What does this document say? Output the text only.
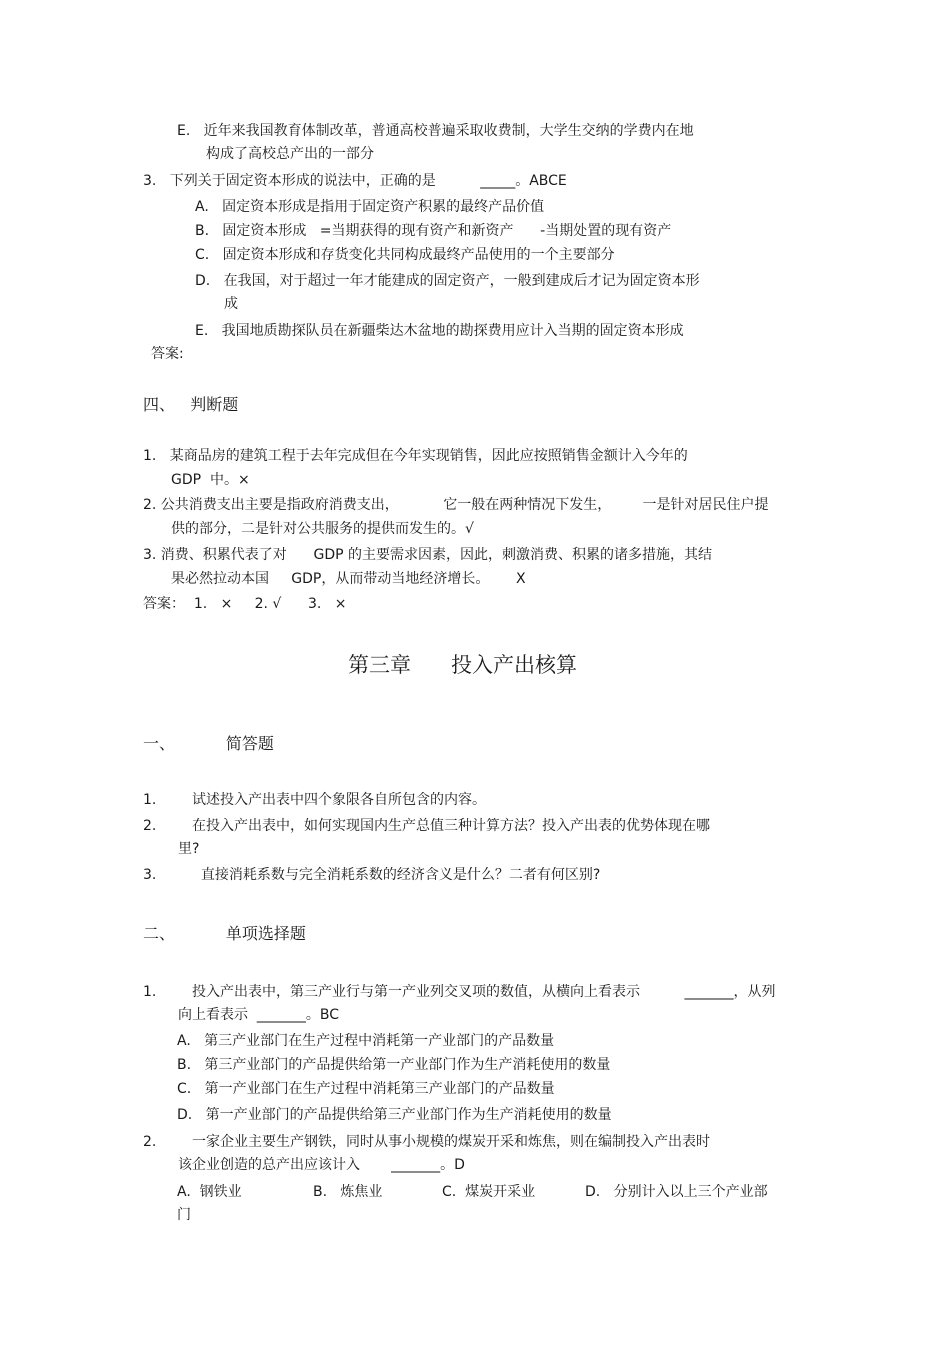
E.   近年来我国教育体制改革，普通高校普遍采取收费制，大学生交纳的学费内在地
构成了高校总产出的一部分
3.   下列关于固定资本形成的说法中，正确的是          _____。ABCE
A.   固定资本形成是指用于固定资产积累的最终产品价值
B.   固定资本形成   =当期获得的现有资产和新资产      -当期处置的现有资产
C.   固定资本形成和存货变化共同构成最终产品使用的一个主要部分
D.   在我国，对于超过一年才能建成的固定资产，一般到建成后才记为固定资本形
成
E.   我国地质勘探队员在新疆柴达木盆地的勘探费用应计入当期的固定资本形成
答案:
四、   判断题
1.   某商品房的建筑工程于去年完成但在今年实现销售，因此应按照销售金额计入今年的
GDP  中。×
2. 公共消费支出主要是指政府消费支出，          它一般在两种情况下发生，       一是针对居民住户提
供的部分，二是针对公共服务的提供而发生的。√
3. 消费、积累代表了对      GDP 的主要需求因素，因此，刺激消费、积累的诸多措施，其结
果必然拉动本国     GDP，从而带动当地经济增长。      X
答案：  1.   ×     2. √      3.   ×
第三章      投入产出核算
一、          简答题
1.        试述投入产出表中四个象限各自所包含的内容。
2.        在投入产出表中，如何实现国内生产总值三种计算方法？投入产出表的优势体现在哪
里?
3.          直接消耗系数与完全消耗系数的经济含义是什么？二者有何区别?
二、          单项选择题
1.        投入产出表中，第三产业行与第一产业列交叉项的数值，从横向上看表示          _______，从列
向上看表示  _______。BC
A.   第三产业部门在生产过程中消耗第一产业部门的产品数量
B.   第三产业部门的产品提供给第一产业部门作为生产消耗使用的数量
C.   第一产业部门在生产过程中消耗第三产业部门的产品数量
D.   第一产业部门的产品提供给第三产业部门作为生产消耗使用的数量
2.        一家企业主要生产钢铁，同时从事小规模的煤炭开采和炼焦，则在编制投入产出表时
该企业创造的总产出应该计入       _______。D
A.  钢铁业	B.   炼焦业	C.  煤炭开采业	D.   分别计入以上三个产业部
门
